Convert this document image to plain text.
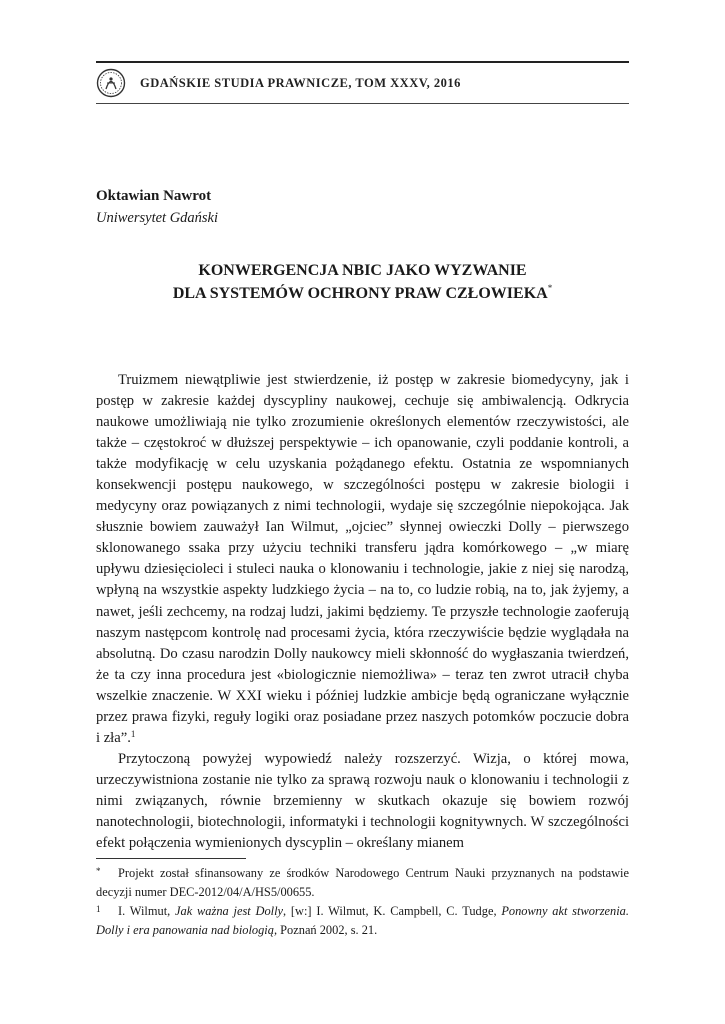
GDAŃSKIE STUDIA PRAWNICZE, TOM XXXV, 2016
Oktawian Nawrot
Uniwersytet Gdański
KONWERGENCJA NBIC JAKO WYZWANIE
DLA SYSTEMÓW OCHRONY PRAW CZŁOWIEKA*

Truizmem niewątpliwie jest stwierdzenie, iż postęp w zakresie biomedycyny, jak i postęp w zakresie każdej dyscypliny naukowej, cechuje się ambiwalencją. Odkrycia naukowe umożliwiają nie tylko zrozumienie określonych elementów rzeczywistości, ale także – częstokroć w dłuższej perspektywie – ich opanowanie, czyli poddanie kontroli, a także modyfikację w celu uzyskania pożądanego efektu. Ostatnia ze wspomnianych konsekwencji postępu naukowego, w szczególności postępu w zakresie biologii i medycyny oraz powiązanych z nimi technologii, wydaje się szczególnie niepokojąca. Jak słusznie bowiem zauważył Ian Wilmut, „ojciec” słynnej owieczki Dolly – pierwszego sklonowanego ssaka przy użyciu techniki transferu jądra komórkowego – „w miarę upływu dziesięcioleci i stuleci nauka o klonowaniu i technologie, jakie z niej się narodzą, wpłyną na wszystkie aspekty ludzkiego życia – na to, co ludzie robią, na to, jak żyjemy, a nawet, jeśli zechcemy, na rodzaj ludzi, jakimi będziemy. Te przyszłe technologie zaoferują naszym następcom kontrolę nad procesami życia, która rzeczywiście będzie wyglądała na absolutną. Do czasu narodzin Dolly naukowcy mieli skłonność do wygłaszania twierdzeń, że ta czy inna procedura jest «biologicznie niemożliwa» – teraz ten zwrot utracił chyba wszelkie znaczenie. W XXI wieku i później ludzkie ambicje będą ograniczane wyłącznie przez prawa fizyki, reguły logiki oraz posiadane przez naszych potomków poczucie dobra i zła”.$^1$

Przytoczoną powyżej wypowiedź należy rozszerzyć. Wizja, o której mowa, urzeczywistniona zostanie nie tylko za sprawą rozwoju nauk o klonowaniu i technologii z nimi związanych, równie brzemienny w skutkach okazuje się bowiem rozwój nanotechnologii, biotechnologii, informatyki i technologii kognitywnych. W szczególności efekt połączenia wymienionych dyscyplin – określany mianem

* Projekt został sfinansowany ze środków Narodowego Centrum Nauki przyznanych na podstawie decyzji numer DEC-2012/04/A/HS5/00655.

1 I. Wilmut, Jak ważna jest Dolly, [w:] I. Wilmut, K. Campbell, C. Tudge, Ponowny akt stworzenia. Dolly i era panowania nad biologią, Poznań 2002, s. 21.
